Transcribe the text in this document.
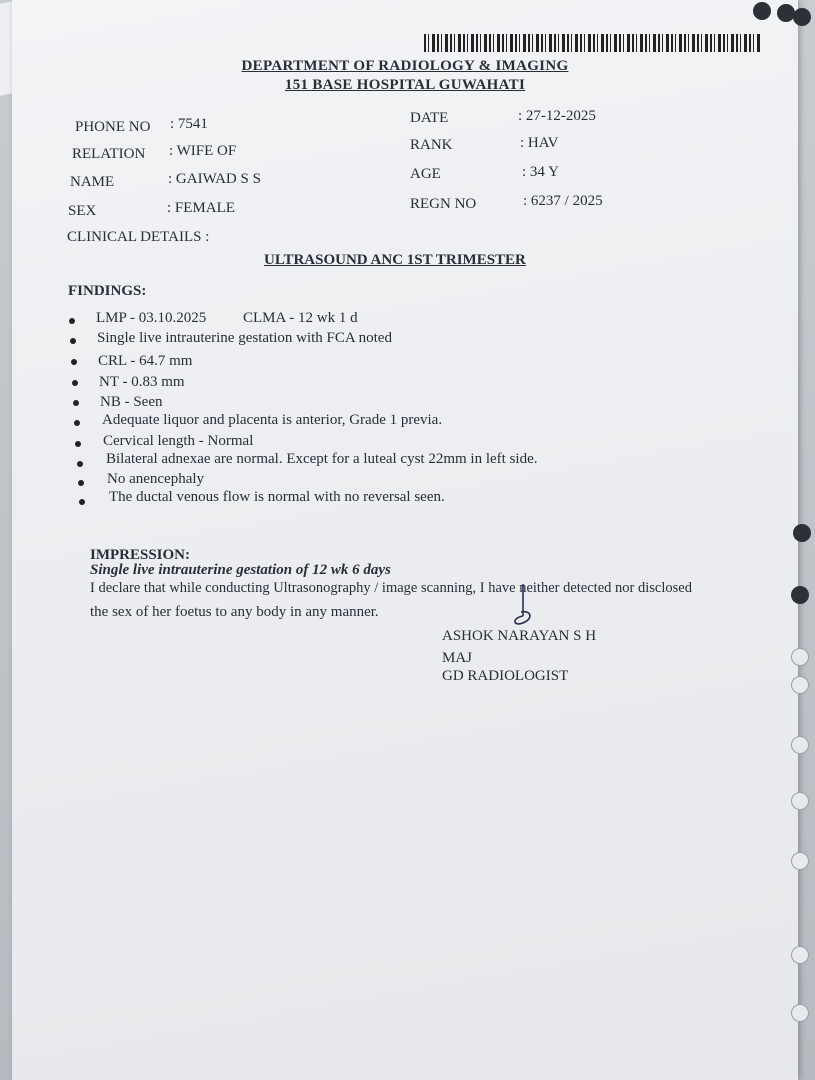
DEPARTMENT OF RADIOLOGY & IMAGING
151 BASE HOSPITAL GUWAHATI
PHONE NO : 7541
RELATION : WIFE OF
NAME	: GAIWAD S S
SEX	: FEMALE
CLINICAL DETAILS :
DATE	: 27-12-2025
RANK	: HAV
AGE	: 34 Y
REGN NO	: 6237 / 2025
ULTRASOUND ANC 1ST TRIMESTER
FINDINGS:
LMP - 03.10.2025 CLMA - 12 wk 1 d
Single live intrauterine gestation with FCA noted
CRL - 64.7 mm
NT - 0.83 mm
NB - Seen
Adequate liquor and placenta is anterior, Grade 1 previa.
Cervical length - Normal
Bilateral adnexae are normal. Except for a luteal cyst 22mm in left side.
No anencephaly
The ductal venous flow is normal with no reversal seen.
IMPRESSION:
Single live intrauterine gestation of 12 wk 6 days
I declare that while conducting Ultrasonography / image scanning, I have neither detected nor disclosed
the sex of her foetus to any body in any manner.
ASHOK NARAYAN S H
MAJ
GD RADIOLOGIST
